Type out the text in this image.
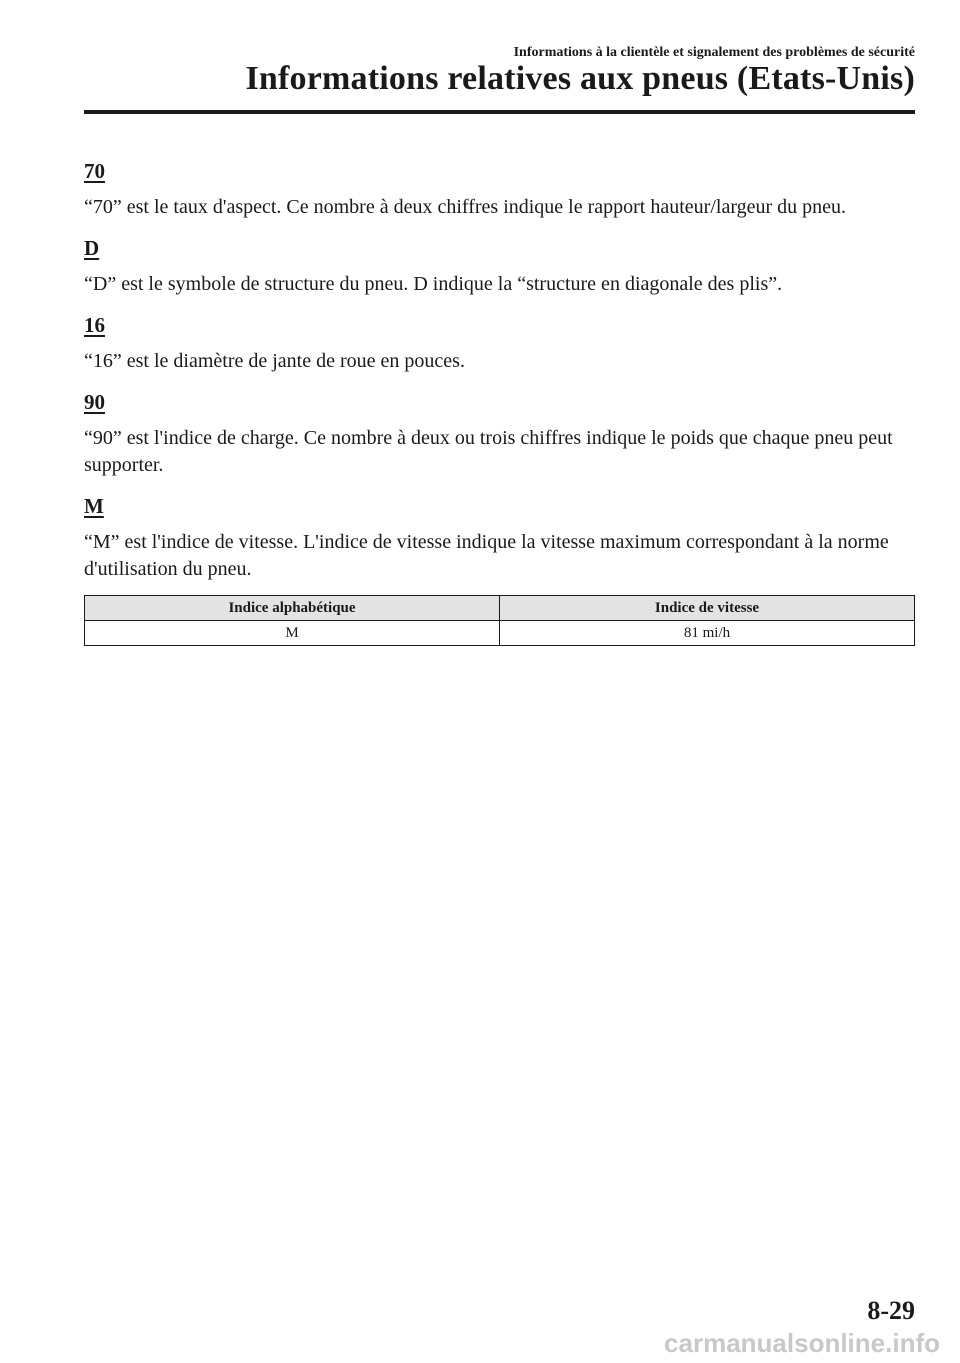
Informations à la clientèle et signalement des problèmes de sécurité
Informations relatives aux pneus (Etats-Unis)
70

“70” est le taux d'aspect. Ce nombre à deux chiffres indique le rapport hauteur/largeur du pneu.

D

“D” est le symbole de structure du pneu. D indique la “structure en diagonale des plis”.

16

“16” est le diamètre de jante de roue en pouces.

90

“90” est l'indice de charge. Ce nombre à deux ou trois chiffres indique le poids que chaque pneu peut supporter.

M

“M” est l'indice de vitesse. L'indice de vitesse indique la vitesse maximum correspondant à la norme d'utilisation du pneu.

Indice alphabétique	Indice de vitesse
M	81 mi/h
8-29
carmanualsonline.info
